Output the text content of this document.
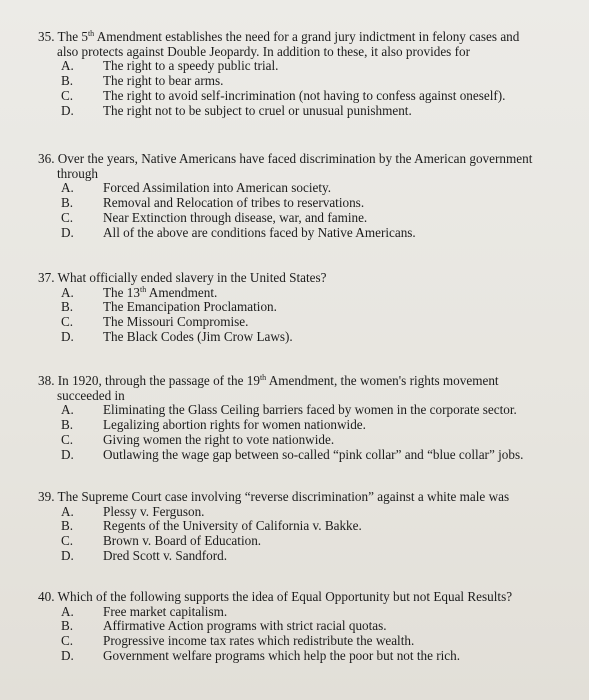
35. The 5th Amendment establishes the need for a grand jury indictment in felony cases and
also protects against Double Jeopardy. In addition to these, it also provides for
A.	The right to a speedy public trial.
B.	The right to bear arms.
C.	The right to avoid self-incrimination (not having to confess against oneself).
D.	The right not to be subject to cruel or unusual punishment.
36. Over the years, Native Americans have faced discrimination by the American government
through
A.	Forced Assimilation into American society.
B.	Removal and Relocation of tribes to reservations.
C.	Near Extinction through disease, war, and famine.
D.	All of the above are conditions faced by Native Americans.
37. What officially ended slavery in the United States?
A.	The 13th Amendment.
B.	The Emancipation Proclamation.
C.	The Missouri Compromise.
D.	The Black Codes (Jim Crow Laws).
38. In 1920, through the passage of the 19th Amendment, the women's rights movement
succeeded in
A.	Eliminating the Glass Ceiling barriers faced by women in the corporate sector.
B.	Legalizing abortion rights for women nationwide.
C.	Giving women the right to vote nationwide.
D.	Outlawing the wage gap between so-called “pink collar” and “blue collar” jobs.
39. The Supreme Court case involving “reverse discrimination” against a white male was
A.	Plessy v. Ferguson.
B.	Regents of the University of California v. Bakke.
C.	Brown v. Board of Education.
D.	Dred Scott v. Sandford.
40. Which of the following supports the idea of Equal Opportunity but not Equal Results?
A.	Free market capitalism.
B.	Affirmative Action programs with strict racial quotas.
C.	Progressive income tax rates which redistribute the wealth.
D.	Government welfare programs which help the poor but not the rich.
